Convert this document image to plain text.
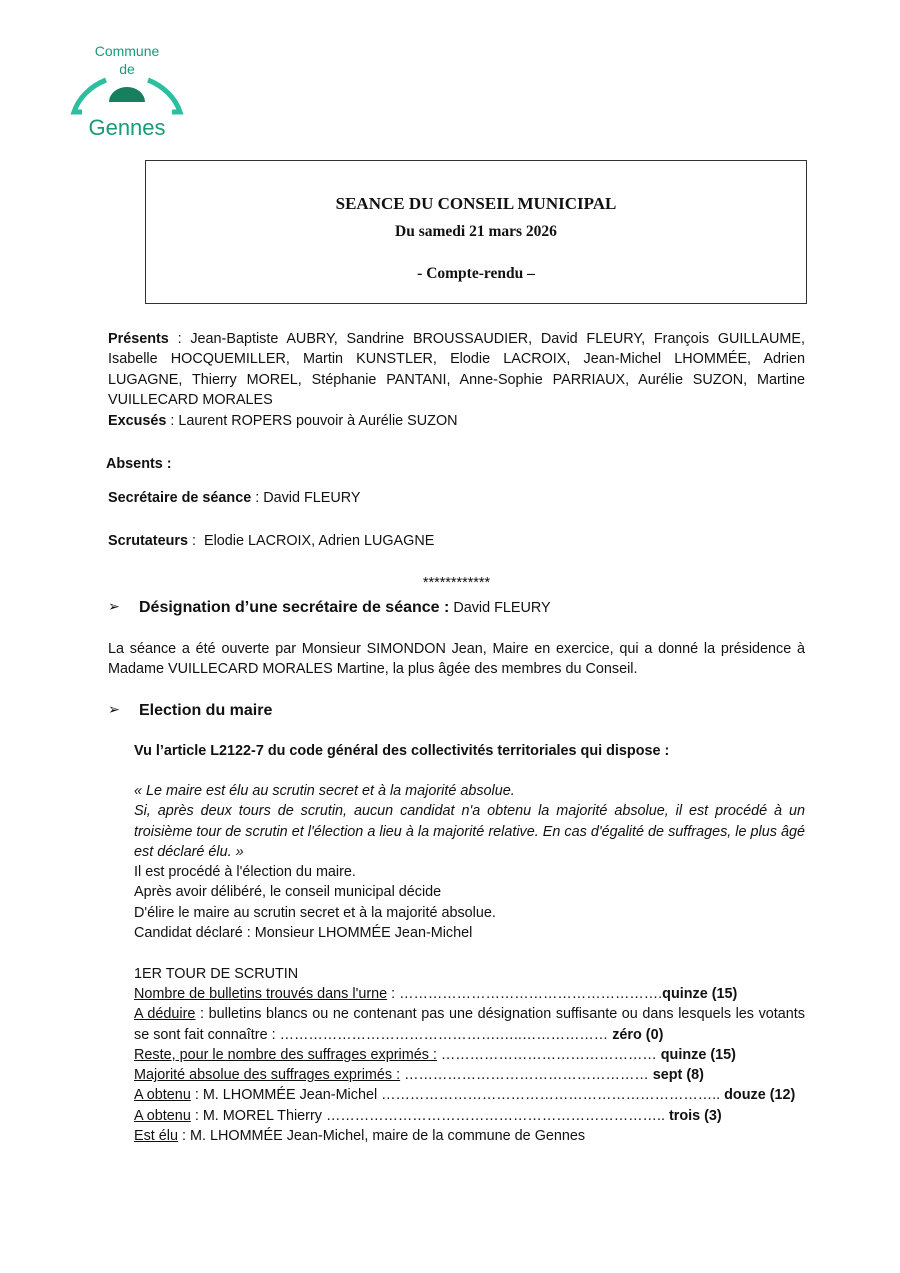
Commune
de
Gennes
SEANCE DU CONSEIL MUNICIPAL
Du samedi 21 mars 2026
- Compte-rendu –
Présents : Jean-Baptiste AUBRY, Sandrine BROUSSAUDIER, David FLEURY, François GUILLAUME, Isabelle HOCQUEMILLER, Martin KUNSTLER, Elodie LACROIX, Jean-Michel LHOMMÉE, Adrien LUGAGNE, Thierry MOREL, Stéphanie PANTANI, Anne-Sophie PARRIAUX, Aurélie SUZON, Martine VUILLECARD MORALES
Excusés : Laurent ROPERS pouvoir à Aurélie SUZON
Absents :
Secrétaire de séance : David FLEURY
Scrutateurs :  Elodie LACROIX, Adrien LUGAGNE
************
➢ Désignation d’une secrétaire de séance : David FLEURY
La séance a été ouverte par Monsieur SIMONDON Jean, Maire en exercice, qui a donné la présidence à Madame VUILLECARD MORALES Martine, la plus âgée des membres du Conseil.
➢ Election du maire
Vu l’article L2122-7 du code général des collectivités territoriales qui dispose :
« Le maire est élu au scrutin secret et à la majorité absolue.
Si, après deux tours de scrutin, aucun candidat n'a obtenu la majorité absolue, il est procédé à un troisième tour de scrutin et l'élection a lieu à la majorité relative. En cas d'égalité de suffrages, le plus âgé est déclaré élu. »
Il est procédé à l'élection du maire.
Après avoir délibéré, le conseil municipal décide
D'élire le maire au scrutin secret et à la majorité absolue.
Candidat déclaré : Monsieur LHOMMÉE Jean-Michel
1ER TOUR DE SCRUTIN
Nombre de bulletins trouvés dans l'urne : ……………………………………………….quinze (15)
A déduire : bulletins blancs ou ne contenant pas une désignation suffisante ou dans lesquels les votants se sont fait connaître : ……………………………………….…..……………… zéro (0)
Reste, pour le nombre des suffrages exprimés : ……………………………………… quinze (15)
Majorité absolue des suffrages exprimés : …………………………………………… sept (8)
A obtenu : M. LHOMMÉE Jean-Michel …………………………………………………………….. douze (12)
A obtenu : M. MOREL Thierry …………………………………………………………….. trois (3)
Est élu : M. LHOMMÉE Jean-Michel, maire de la commune de Gennes
